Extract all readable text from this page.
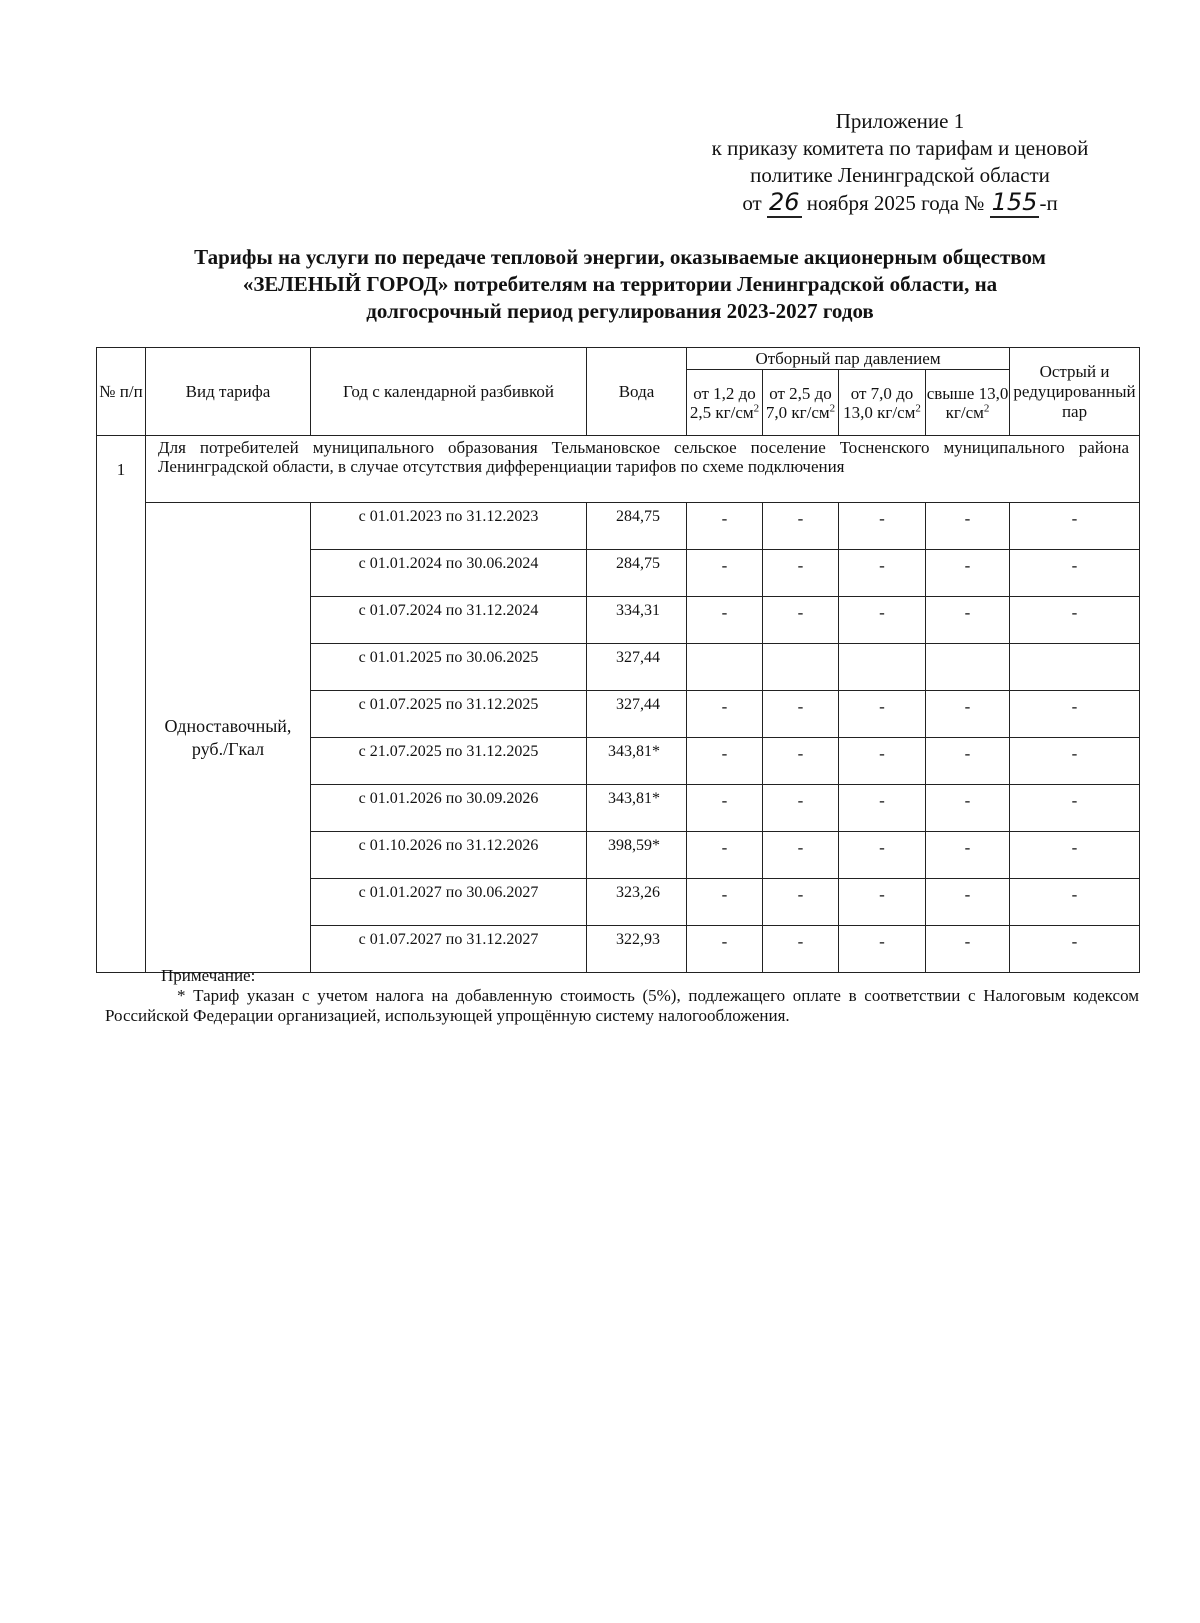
Приложение 1
к приказу комитета по тарифам и ценовой
политике Ленинградской области
от 26 ноября 2025 года № 155-п
Тарифы на услуги по передаче тепловой энергии, оказываемые акционерным обществом
«ЗЕЛЕНЫЙ ГОРОД» потребителям на территории Ленинградской области, на
долгосрочный период регулирования 2023-2027 годов
№ п/п	Вид тарифа	Год с календарной разбивкой	Вода	Отборный пар давлением				Острый и редуцированный пар
				от 1,2 до 2,5 $кг/см^2$	от 2,5 до 7,0 $кг/см^2$	от 7,0 до 13,0 $кг/см^2$	свыше 13,0 $кг/см^2$
1	Для потребителей муниципального образования Тельмановское сельское поселение Тосненского муниципального района Ленинградской области, в случае отсутствия дифференциации тарифов по схеме подключения							
	Одноставочный, руб./Гкал	с 01.01.2023 по 31.12.2023	284,75	-	-	-	-	-
		с 01.01.2024 по 30.06.2024	284,75	-	-	-	-	-
		с 01.07.2024 по 31.12.2024	334,31	-	-	-	-	-
		с 01.01.2025 по 30.06.2025	327,44					
		с 01.07.2025 по 31.12.2025	327,44	-	-	-	-	-
		с 21.07.2025 по 31.12.2025	343,81*	-	-	-	-	-
		с 01.01.2026 по 30.09.2026	343,81*	-	-	-	-	-
		с 01.10.2026 по 31.12.2026	398,59*	-	-	-	-	-
		с 01.01.2027 по 30.06.2027	323,26	-	-	-	-	-
		с 01.07.2027 по 31.12.2027	322,93	-	-	-	-	-
Примечание:
* Тариф указан с учетом налога на добавленную стоимость (5%), подлежащего оплате в соответствии с Налоговым кодексом Российской Федерации организацией, использующей упрощённую систему налогообложения.
